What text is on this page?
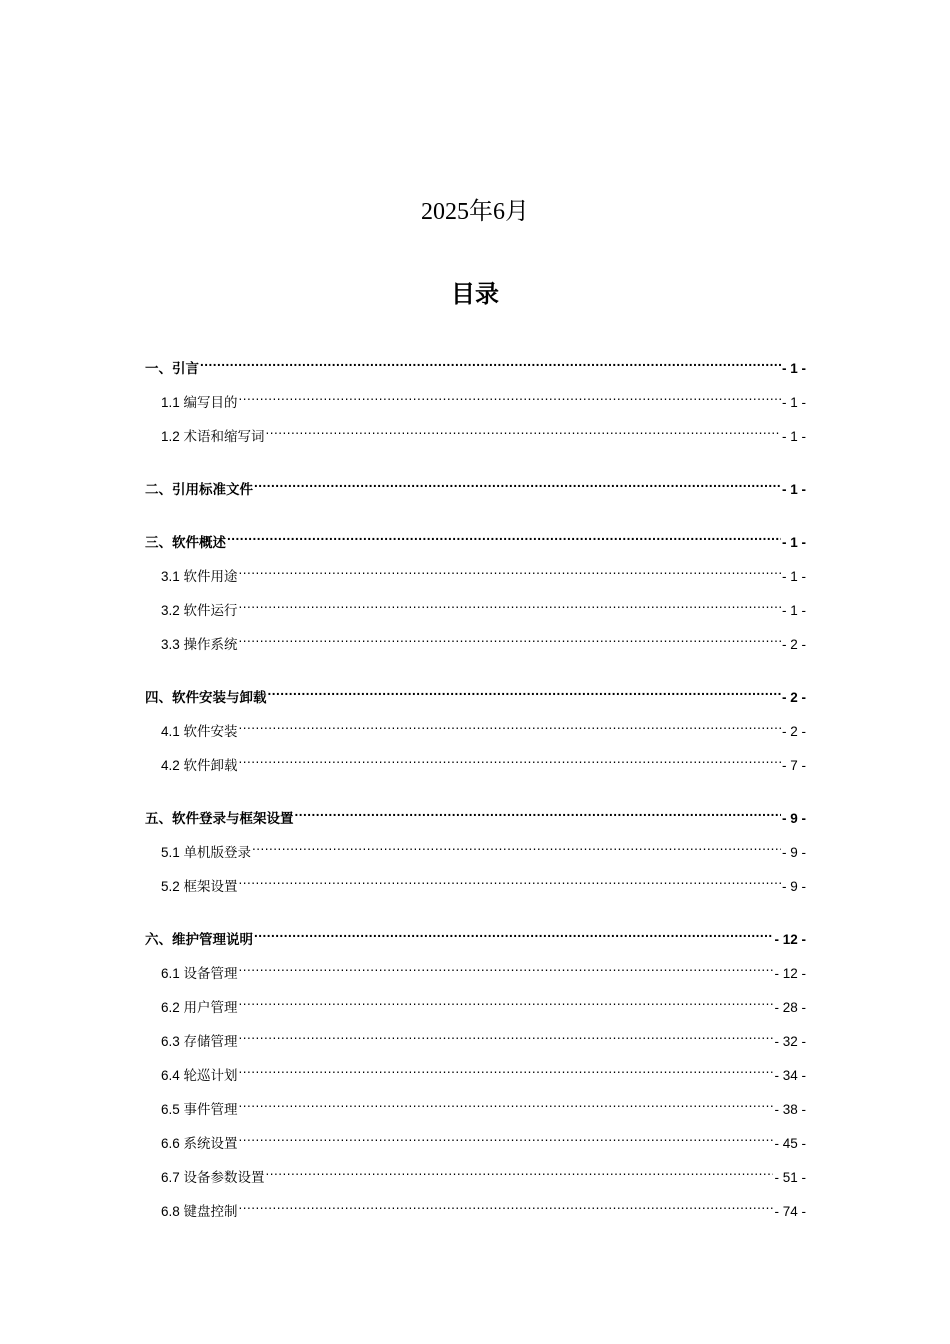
2025年6月
目录
一、引言 .....	- 1 -
1.1 编写目的 .....	- 1 -
1.2 术语和缩写词 .....	- 1 -
二、引用标准文件 .....	- 1 -
三、软件概述 .....	- 1 -
3.1 软件用途 .....	- 1 -
3.2 软件运行 .....	- 1 -
3.3 操作系统 .....	- 2 -
四、软件安装与卸载 .....	- 2 -
4.1 软件安装 .....	- 2 -
4.2 软件卸载 .....	- 7 -
五、软件登录与框架设置 .....	- 9 -
5.1 单机版登录 .....	- 9 -
5.2 框架设置 .....	- 9 -
六、维护管理说明 .....	- 12 -
6.1 设备管理 .....	- 12 -
6.2 用户管理 .....	- 28 -
6.3 存储管理 .....	- 32 -
6.4 轮巡计划 .....	- 34 -
6.5 事件管理 .....	- 38 -
6.6 系统设置 .....	- 45 -
6.7 设备参数设置 .....	- 51 -
6.8 键盘控制 .....	- 74 -
